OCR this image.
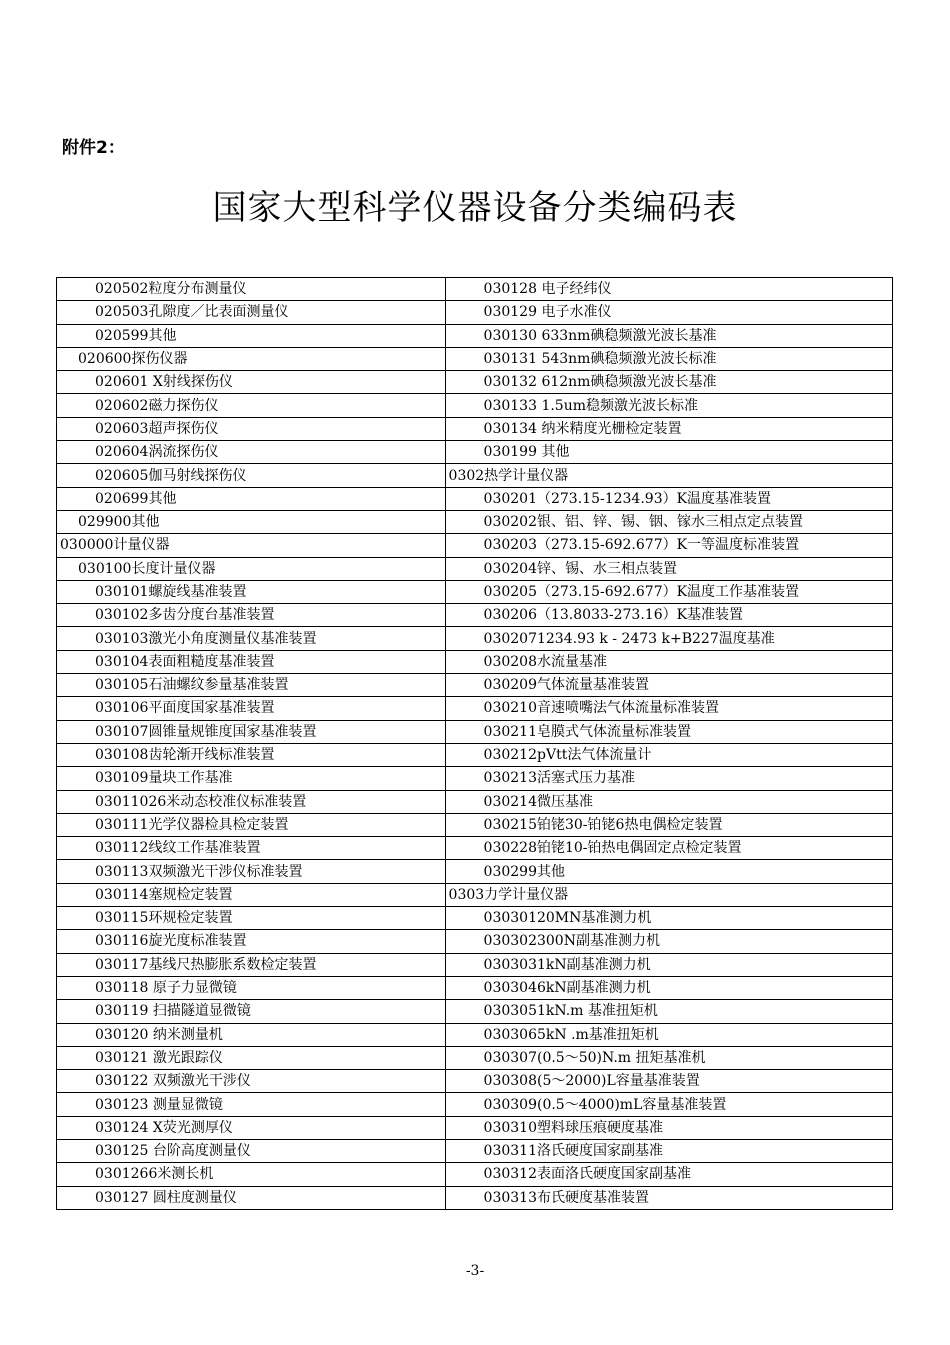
附件2：
国家大型科学仪器设备分类编码表
020502粒度分布测量仪	030128 电子经纬仪
020503孔隙度／比表面测量仪	030129 电子水准仪
020599其他	030130 633nm碘稳频激光波长基准
020600探伤仪器	030131 543nm碘稳频激光波长标准
020601 X射线探伤仪	030132 612nm碘稳频激光波长基准
020602磁力探伤仪	030133 1.5um稳频激光波长标准
020603超声探伤仪	030134 纳米精度光栅检定装置
020604涡流探伤仪	030199 其他
020605伽马射线探伤仪	0302热学计量仪器
020699其他	030201（273.15-1234.93）K温度基准装置
029900其他	030202银、铝、锌、锡、铟、镓水三相点定点装置
030000计量仪器	030203（273.15-692.677）K一等温度标准装置
030100长度计量仪器	030204锌、锡、水三相点装置
030101螺旋线基准装置	030205（273.15-692.677）K温度工作基准装置
030102多齿分度台基准装置	030206（13.8033-273.16）K基准装置
030103激光小角度测量仪基准装置	0302071234.93 k - 2473 k+B227温度基准
030104表面粗糙度基准装置	030208水流量基准
030105石油螺纹参量基准装置	030209气体流量基准装置
030106平面度国家基准装置	030210音速喷嘴法气体流量标准装置
030107圆锥量规锥度国家基准装置	030211皂膜式气体流量标准装置
030108齿轮渐开线标准装置	030212pVtt法气体流量计
030109量块工作基准	030213活塞式压力基准
03011026米动态校准仪标准装置	030214微压基准
030111光学仪器检具检定装置	030215铂铑30-铂铑6热电偶检定装置
030112线纹工作基准装置	030228铂铑10-铂热电偶固定点检定装置
030113双频激光干涉仪标准装置	030299其他
030114塞规检定装置	0303力学计量仪器
030115环规检定装置	03030120MN基准测力机
030116旋光度标准装置	030302300N副基准测力机
030117基线尺热膨胀系数检定装置	0303031kN副基准测力机
030118 原子力显微镜	0303046kN副基准测力机
030119 扫描隧道显微镜	0303051kN.m 基准扭矩机
030120 纳米测量机	0303065kN .m基准扭矩机
030121 激光跟踪仪	030307(0.5～50)N.m 扭矩基准机
030122 双频激光干涉仪	030308(5～2000)L容量基准装置
030123 测量显微镜	030309(0.5～4000)mL容量基准装置
030124 X荧光测厚仪	030310塑料球压痕硬度基准
030125 台阶高度测量仪	030311洛氏硬度国家副基准
0301266米测长机	030312表面洛氏硬度国家副基准
030127 圆柱度测量仪	030313布氏硬度基准装置
-3-
